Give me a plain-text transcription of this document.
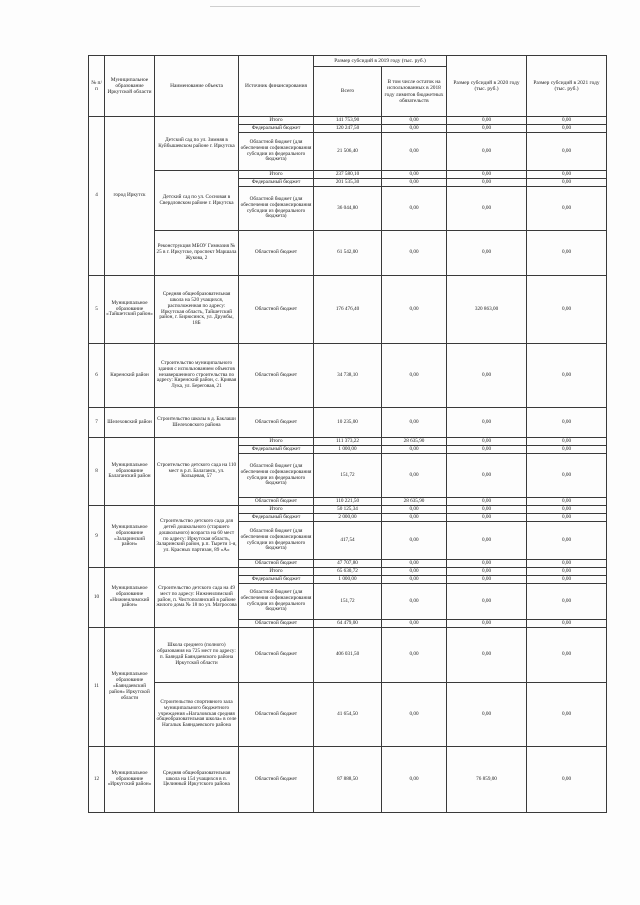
№ п/п	Муниципальное образование Иркутской области	Наименование объекта	Источник финансирования	Размер субсидий в 2019 году (тыс. руб.)		Размер субсидий в 2020 году (тыс. руб.)	Размер субсидий в 2021 году (тыс. руб.)
				Всего	В том числе остаток на использованных в 2018 году лимитов бюджетных обязательств		
4	город Иркутск	Детский сад по ул. Зимняя в Куйбышевском районе г. Иркутска	Итого	141 753,90	0,00	0,00	0,00
			Федеральный бюджет	120 247,50	0,00	0,00	0,00
			Областной бюджет (для обеспечения софинансирования субсидии из федерального бюджета)	21 506,40	0,00	0,00	0,00
		Детский сад по ул. Сосновая в Свердловском районе г. Иркутска	Итого	237 580,10	0,00	0,00	0,00
			Федеральный бюджет	201 535,30	0,00	0,00	0,00
			Областной бюджет (для обеспечения софинансирования субсидии из федерального бюджета)	36 044,80	0,00	0,00	0,00
		Реконструкция МБОУ Гимназия № 25 в г. Иркутске, проспект Маршала Жукова, 2	Областной бюджет	61 542,00	0,00	0,00	0,00
5	Муниципальное образование «Тайшетский район»	Средняя общеобразовательная школа на 520 учащихся, расположенная по адресу: Иркутская область, Тайшетский район, г. Бирюсинск, ул. Дружбы, 18Б	Областной бюджет	176 476,40	0,00	320 863,00	0,00
6	Киренский район	Строительство муниципального здания с использованием объектов незавершенного строительства по адресу: Киренский район, с. Кривая Лука, ул. Береговая, 21	Областной бюджет	34 738,10	0,00	0,00	0,00
7	Шелеховский район	Строительство школы в д. Баклаши Шелеховского района	Областной бюджет	10 235,00	0,00	0,00	0,00
8	Муниципальное образование Балаганский район	Строительство детского сада на 110 мест в р.п. Балаганск, ул. Кольцевая, 57	Итого	111 373,22	28 635,90	0,00	0,00
			Федеральный бюджет	1 000,00	0,00	0,00	0,00
			Областной бюджет (для обеспечения софинансирования субсидии из федерального бюджета)	151,72	0,00	0,00	0,00
			Областной бюджет	110 221,50	28 635,90	0,00	0,00
9	Муниципальное образование «Заларинский район»	Строительство детского сада для детей дошкольного (старшего дошкольного) возраста на 60 мест по адресу: Иркутская область, Заларинский район, р.п. Тырети 1-я, ул. Красных партизан, 89 «А»	Итого	50 125,34	0,00	0,00	0,00
			Федеральный бюджет	2 000,00	0,00	0,00	0,00
			Областной бюджет (для обеспечения софинансирования субсидии из федерального бюджета)	417,54	0,00	0,00	0,00
			Областной бюджет	47 707,80	0,00	0,00	0,00
10	Муниципальное образование «Нижнеилимский район»	Строительство детского сада на 49 мест по адресу: Нижнеилимский район, п. Чистополянский в районе жилого дома № 18 по ул. Матросова	Итого	65 630,72	0,00	0,00	0,00
			Федеральный бюджет	1 000,00	0,00	0,00	0,00
			Областной бюджет (для обеспечения софинансирования субсидии из федерального бюджета)	151,72	0,00	0,00	0,00
			Областной бюджет	64 479,00	0,00	0,00	0,00
11	Муниципальное образование «Баяндаевский район» Иркутской области	Школа среднего (полного) образования на 725 мест по адресу: п. Баяндай Баяндаевского района Иркутской области	Областной бюджет	406 031,50	0,00	0,00	0,00
		Строительство спортивного зала муниципального бюджетного учреждения «Нагаловская средняя общеобразовательная школа» в селе Нагалык Баяндаевского района	Областной бюджет	41 654,50	0,00	0,00	0,00
12	Муниципальное образование «Иркутский район»	Средняя общеобразовательная школа на 154 учащихся в п. Целинный Иркутского района	Областной бюджет	87 888,50	0,00	76 859,00	0,00
